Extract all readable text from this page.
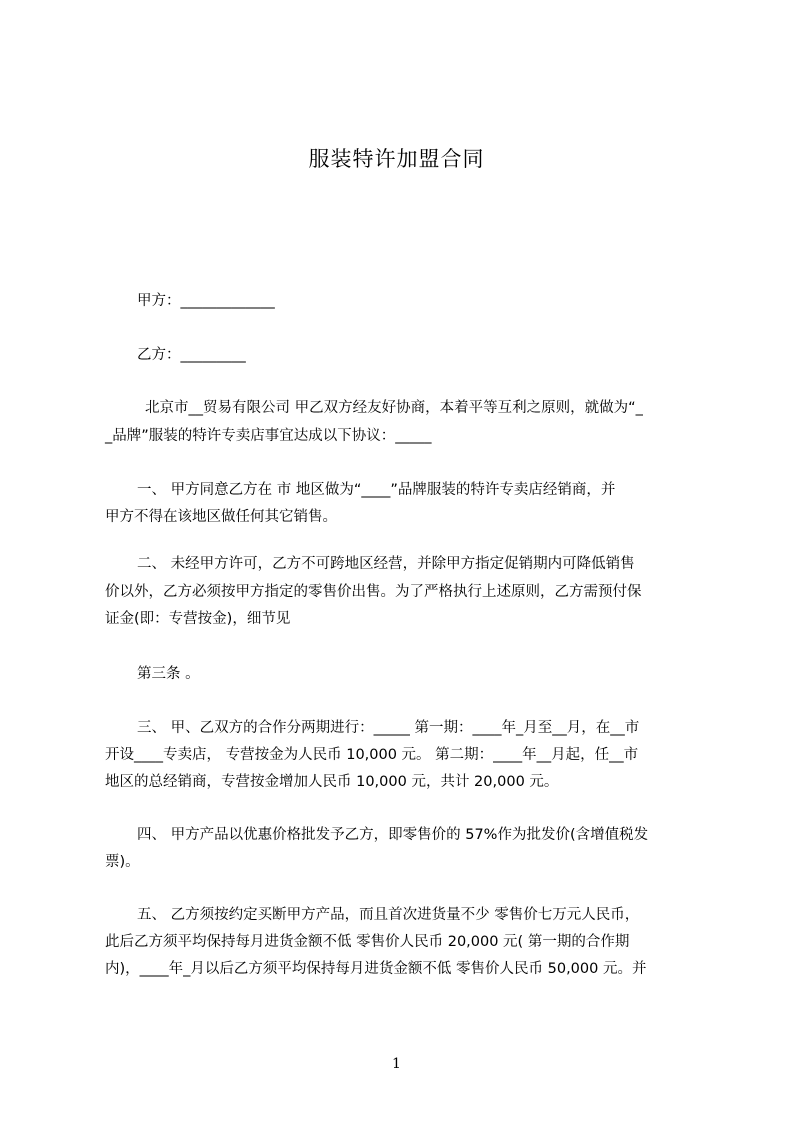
服装特许加盟合同
甲方：_____________
乙方：_________
北京市__贸易有限公司 甲乙双方经友好协商，本着平等互利之原则，就做为“_
_品牌”服装的特许专卖店事宜达成以下协议：_____
一、 甲方同意乙方在 市 地区做为“____”品牌服装的特许专卖店经销商，并
甲方不得在该地区做任何其它销售。
二、 未经甲方许可，乙方不可跨地区经营，并除甲方指定促销期内可降低销售
价以外，乙方必须按甲方指定的零售价出售。为了严格执行上述原则，乙方需预付保
证金(即：专营按金)，细节见
第三条 。
三、 甲、乙双方的合作分两期进行：_____ 第一期：____年_月至__月，在__市
开设____专卖店， 专营按金为人民币 10,000 元。 第二期：____年__月起，任__市
地区的总经销商，专营按金增加人民币 10,000 元，共计 20,000 元。
四、 甲方产品以优惠价格批发予乙方，即零售价的 57%作为批发价(含增值税发
票)。
五、 乙方须按约定买断甲方产品，而且首次进货量不少 零售价七万元人民币，
此后乙方须平均保持每月进货金额不低 零售价人民币 20,000 元( 第一期的合作期
内)，____年_月以后乙方须平均保持每月进货金额不低 零售价人民币 50,000 元。并
1
